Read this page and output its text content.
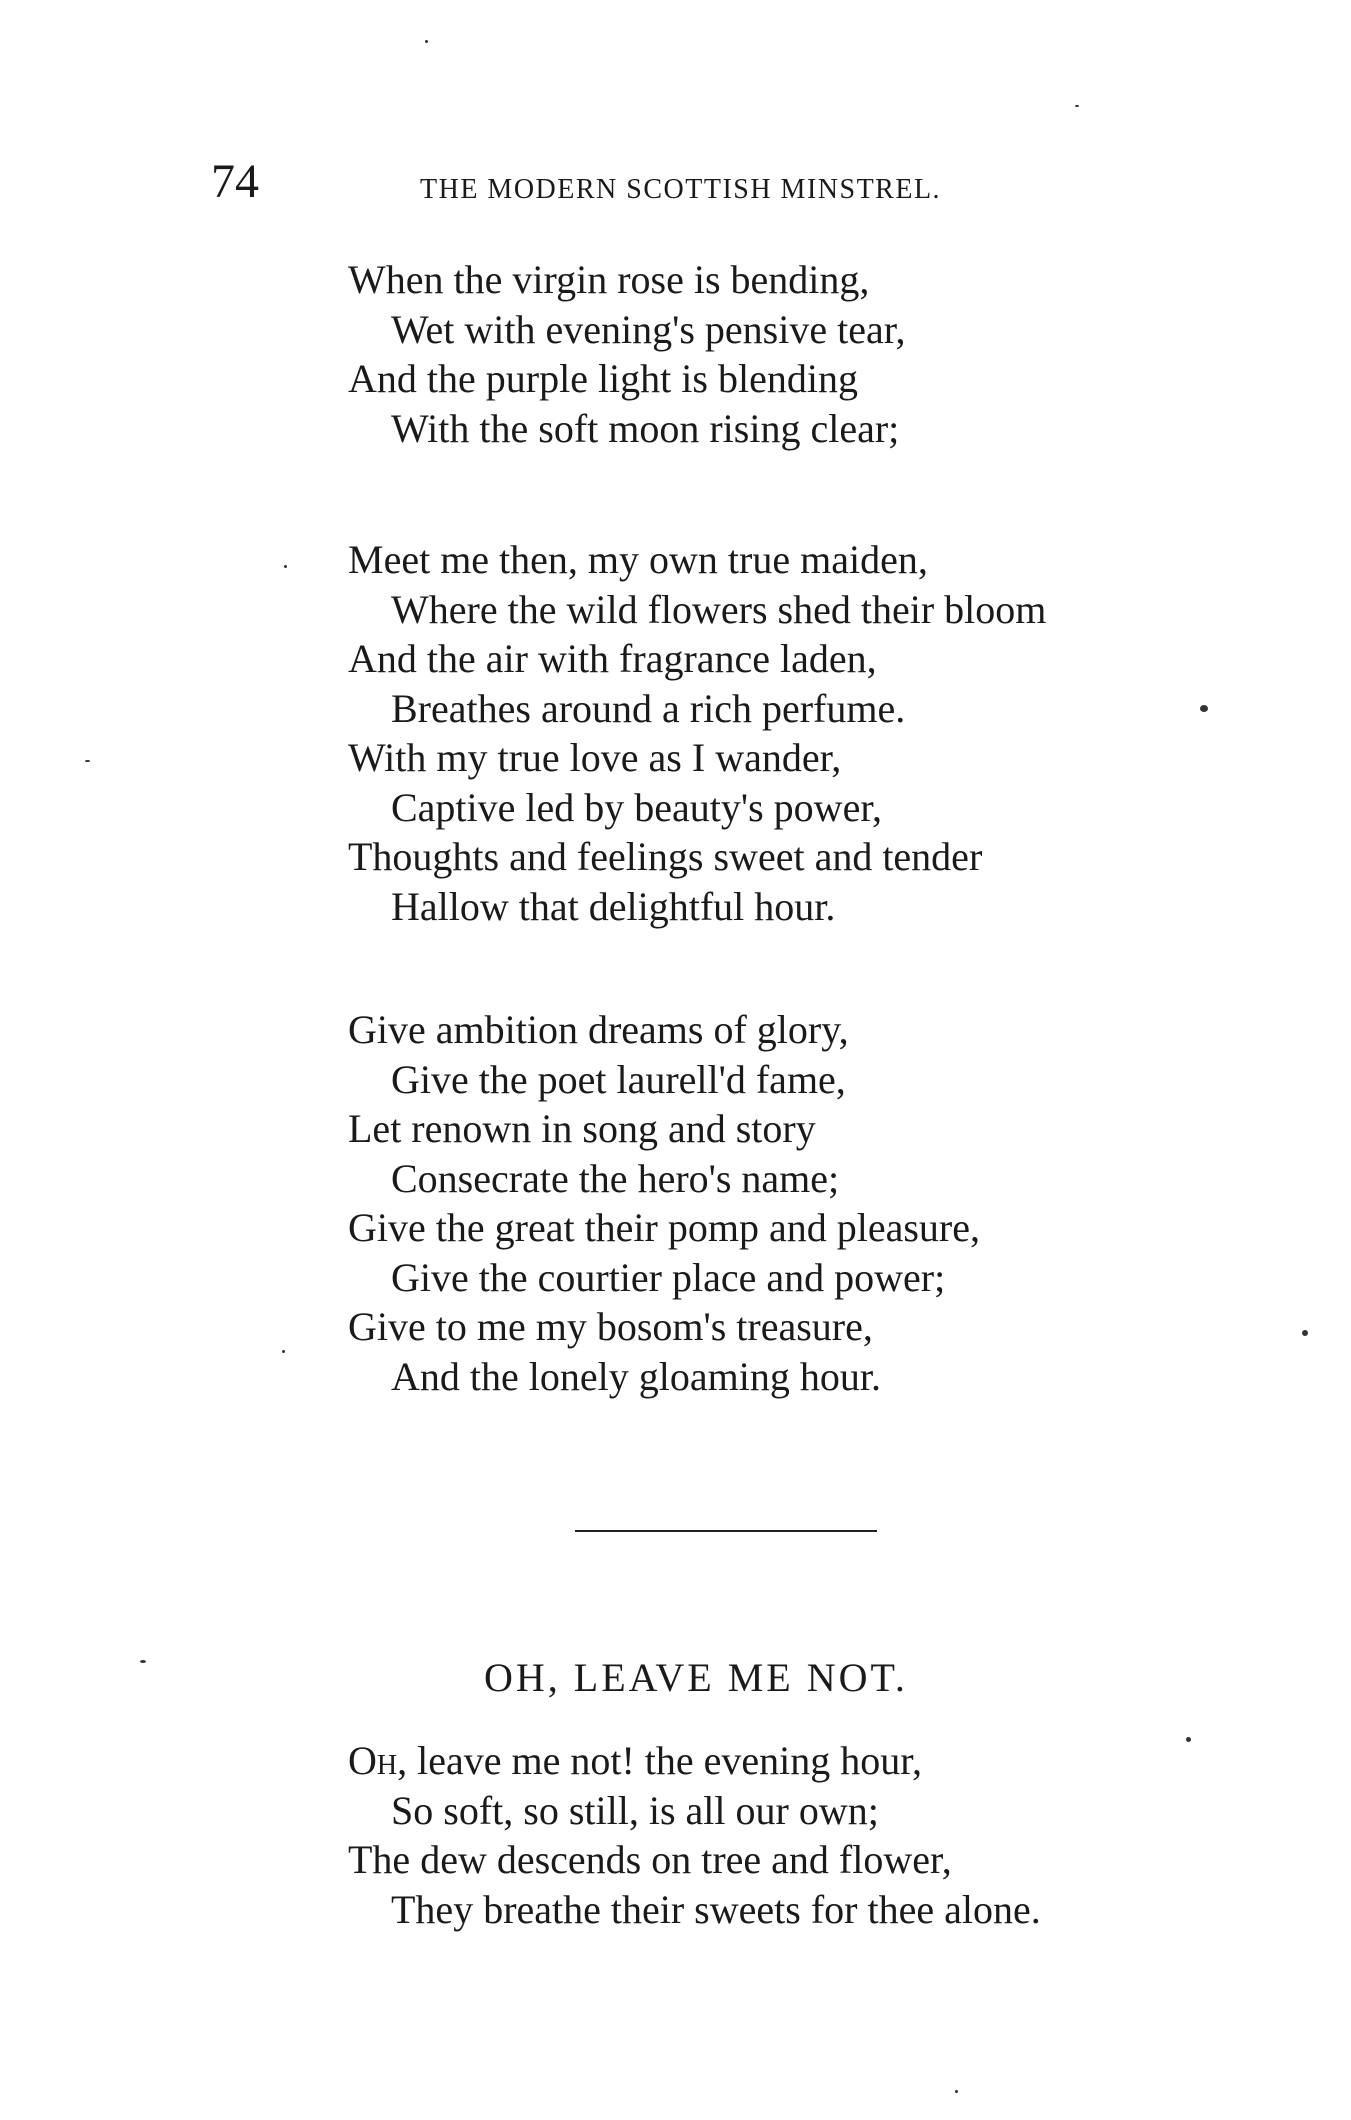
74	THE MODERN SCOTTISH MINSTREL.
When the virgin rose is bending,
Wet with evening's pensive tear,
And the purple light is blending
With the soft moon rising clear;
Meet me then, my own true maiden,
Where the wild flowers shed their bloom
And the air with fragrance laden,
Breathes around a rich perfume.
With my true love as I wander,
Captive led by beauty's power,
Thoughts and feelings sweet and tender
Hallow that delightful hour.
Give ambition dreams of glory,
Give the poet laurell'd fame,
Let renown in song and story
Consecrate the hero's name;
Give the great their pomp and pleasure,
Give the courtier place and power;
Give to me my bosom's treasure,
And the lonely gloaming hour.
OH, LEAVE ME NOT.
Oh, leave me not! the evening hour,
So soft, so still, is all our own;
The dew descends on tree and flower,
They breathe their sweets for thee alone.
